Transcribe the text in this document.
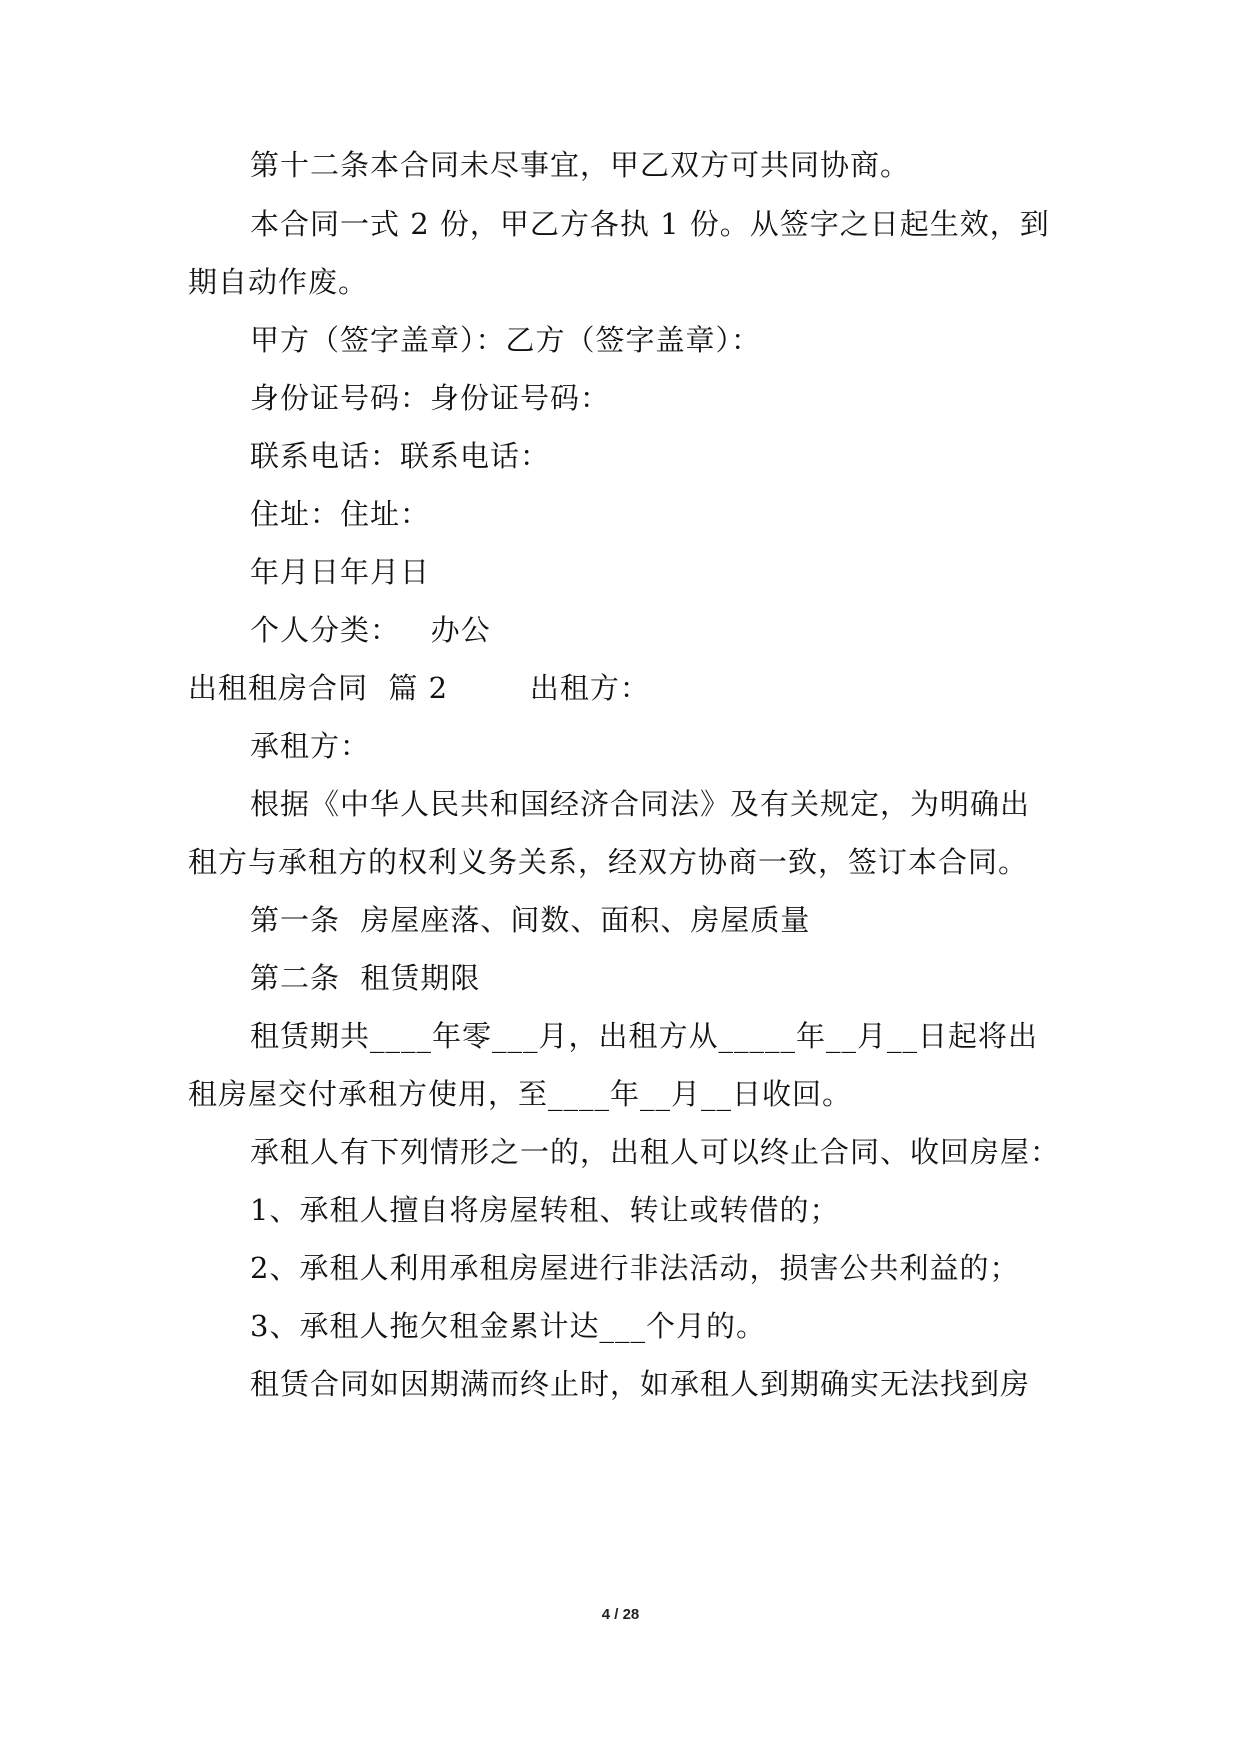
第十二条本合同未尽事宜，甲乙双方可共同协商。
本合同一式 2 份，甲乙方各执 1 份。从签字之日起生效，到
期自动作废。
甲方（签字盖章）：乙方（签字盖章）：
身份证号码：身份证号码：
联系电话：联系电话：
住址：住址：
年月日年月日
个人分类：   办公
出租租房合同  篇 2        出租方：
承租方：
根据《中华人民共和国经济合同法》及有关规定，为明确出
租方与承租方的权利义务关系，经双方协商一致，签订本合同。
第一条  房屋座落、间数、面积、房屋质量
第二条  租赁期限
租赁期共____年零___月，出租方从_____年__月__日起将出
租房屋交付承租方使用，至____年__月__日收回。
承租人有下列情形之一的，出租人可以终止合同、收回房屋：
1、承租人擅自将房屋转租、转让或转借的；
2、承租人利用承租房屋进行非法活动，损害公共利益的；
3、承租人拖欠租金累计达___个月的。
租赁合同如因期满而终止时，如承租人到期确实无法找到房
4 / 28
